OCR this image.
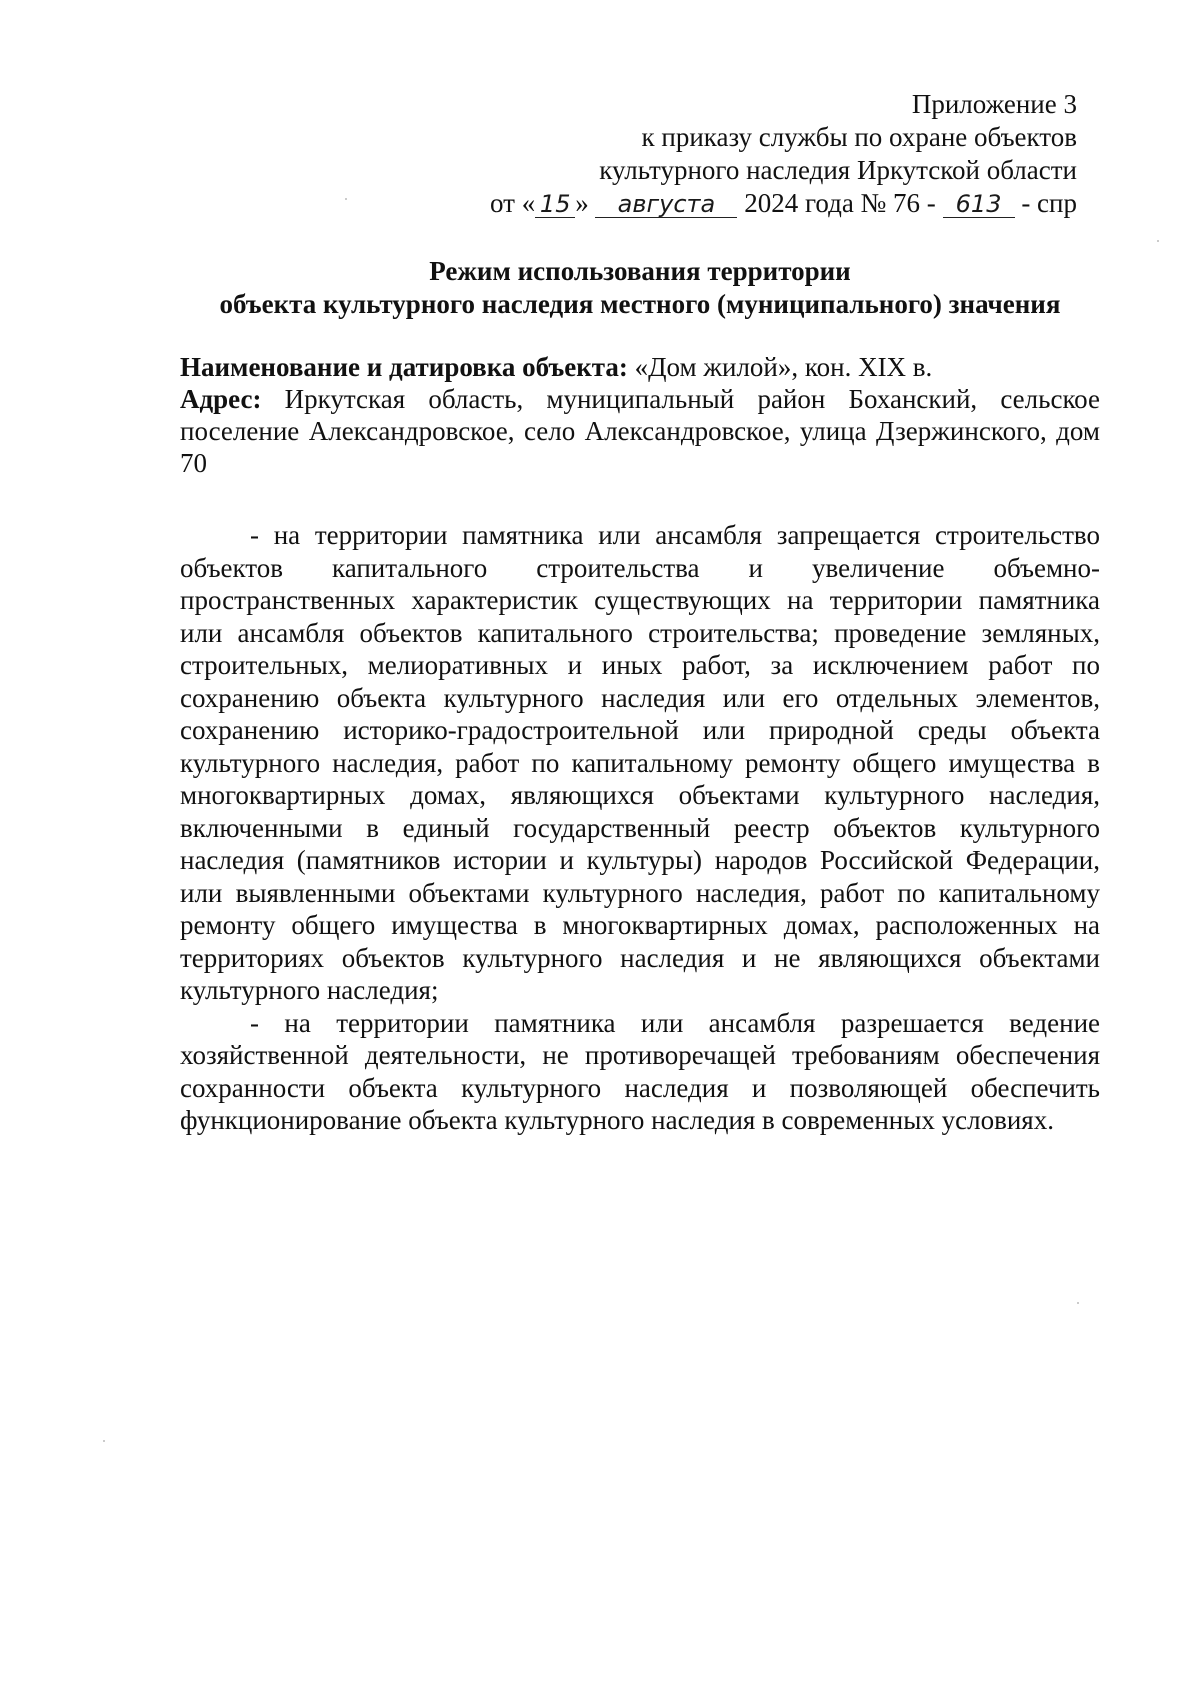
Приложение 3
к приказу службы по охране объектов
культурного наследия Иркутской области
от « 15 » августа 2024 года № 76 - 613 - спр
Режим использования территории
объекта культурного наследия местного (муниципального) значения
Наименование и датировка объекта: «Дом жилой», кон. XIX в.
Адрес: Иркутская область, муниципальный район Боханский, сельское поселение Александровское, село Александровское, улица Дзержинского, дом 70

- на территории памятника или ансамбля запрещается строительство объектов капитального строительства и увеличение объемно-пространственных характеристик существующих на территории памятника или ансамбля объектов капитального строительства; проведение земляных, строительных, мелиоративных и иных работ, за исключением работ по сохранению объекта культурного наследия или его отдельных элементов, сохранению историко-градостроительной или природной среды объекта культурного наследия, работ по капитальному ремонту общего имущества в многоквартирных домах, являющихся объектами культурного наследия, включенными в единый государственный реестр объектов культурного наследия (памятников истории и культуры) народов Российской Федерации, или выявленными объектами культурного наследия, работ по капитальному ремонту общего имущества в многоквартирных домах, расположенных на территориях объектов культурного наследия и не являющихся объектами культурного наследия;

- на территории памятника или ансамбля разрешается ведение хозяйственной деятельности, не противоречащей требованиям обеспечения сохранности объекта культурного наследия и позволяющей обеспечить функционирование объекта культурного наследия в современных условиях.
